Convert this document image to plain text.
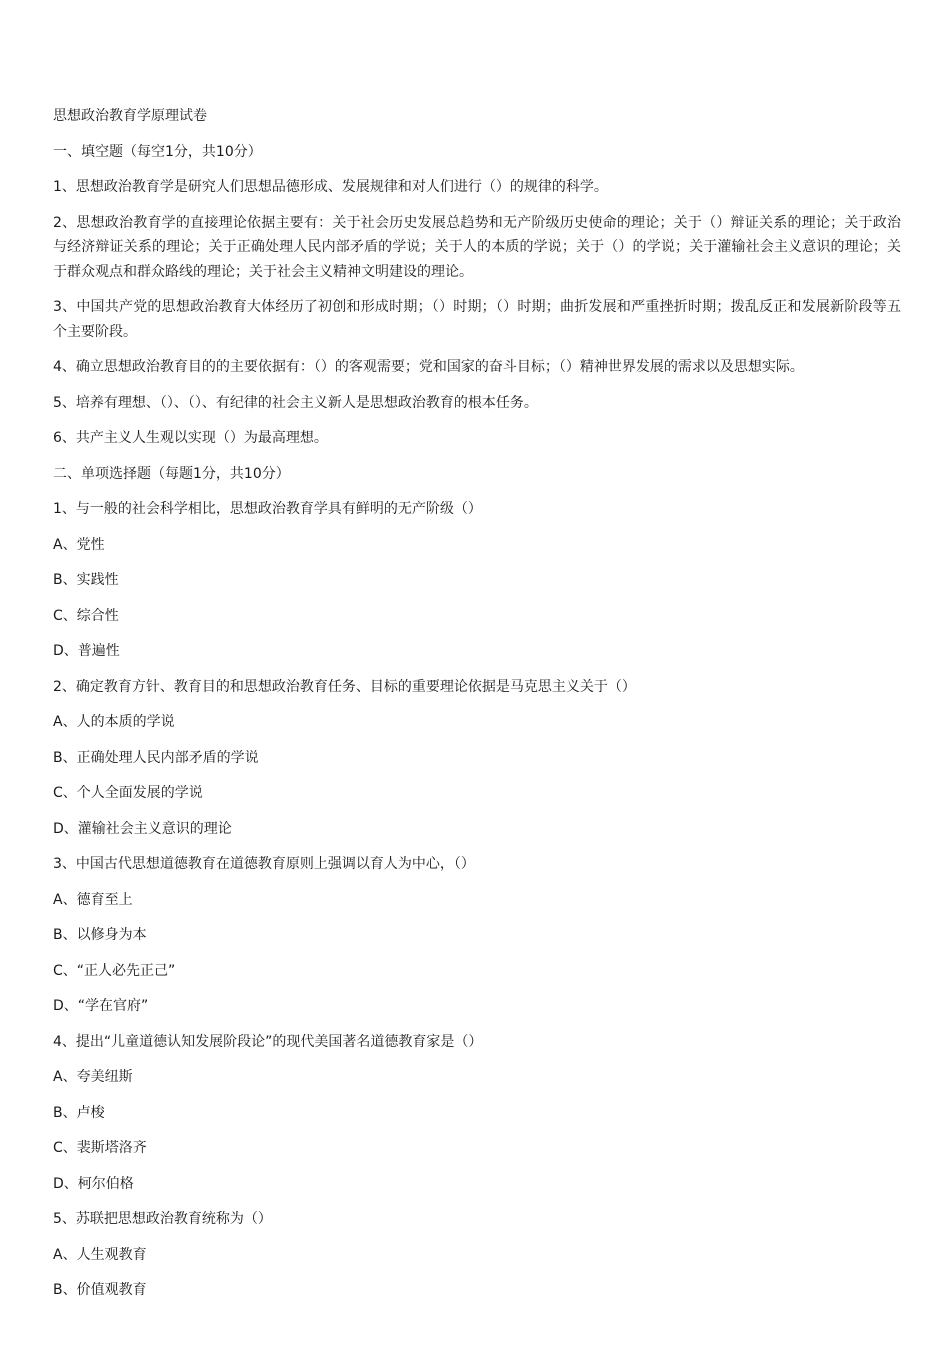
思想政治教育学原理试卷
一、填空题（每空1分，共10分）
1、思想政治教育学是研究人们思想品德形成、发展规律和对人们进行（）的规律的科学。
2、思想政治教育学的直接理论依据主要有：关于社会历史发展总趋势和无产阶级历史使命的理论；关于（）辩证关系的理论；关于政治与经济辩证关系的理论；关于正确处理人民内部矛盾的学说；关于人的本质的学说；关于（）的学说；关于灌输社会主义意识的理论；关于群众观点和群众路线的理论；关于社会主义精神文明建设的理论。
3、中国共产党的思想政治教育大体经历了初创和形成时期；（）时期；（）时期；曲折发展和严重挫折时期；拨乱反正和发展新阶段等五个主要阶段。
4、确立思想政治教育目的的主要依据有：（）的客观需要；党和国家的奋斗目标；（）精神世界发展的需求以及思想实际。
5、培养有理想、（）、（）、有纪律的社会主义新人是思想政治教育的根本任务。
6、共产主义人生观以实现（）为最高理想。
二、单项选择题（每题1分，共10分）
1、与一般的社会科学相比，思想政治教育学具有鲜明的无产阶级（）
A、党性
B、实践性
C、综合性
D、普遍性
2、确定教育方针、教育目的和思想政治教育任务、目标的重要理论依据是马克思主义关于（）
A、人的本质的学说
B、正确处理人民内部矛盾的学说
C、个人全面发展的学说
D、灌输社会主义意识的理论
3、中国古代思想道德教育在道德教育原则上强调以育人为中心，（）
A、德育至上
B、以修身为本
C、“正人必先正己”
D、“学在官府”
4、提出“儿童道德认知发展阶段论”的现代美国著名道德教育家是（）
A、夸美纽斯
B、卢梭
C、裴斯塔洛齐
D、柯尔伯格
5、苏联把思想政治教育统称为（）
A、人生观教育
B、价值观教育
